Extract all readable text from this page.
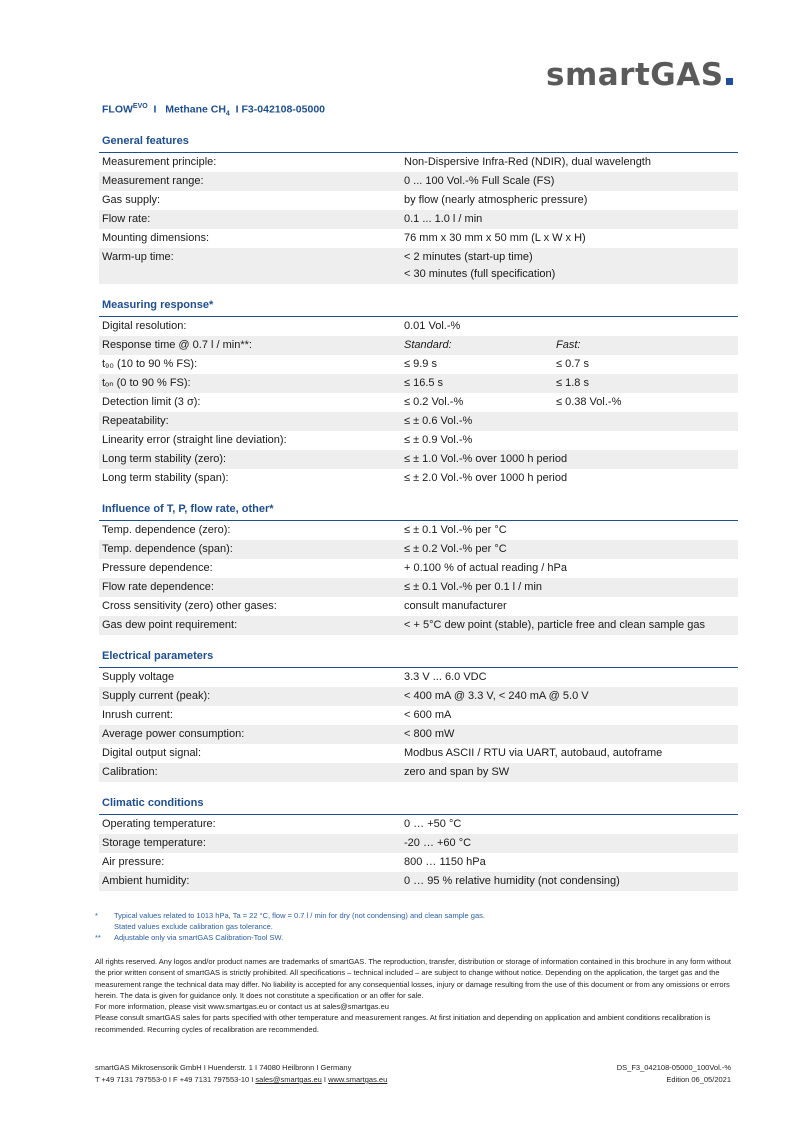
smartGAS
$FLOW^{EVO}$ I Methane $CH_4$ I F3-042108-05000
General features
Measurement principle:	Non-Dispersive Infra-Red (NDIR), dual wavelength
Measurement range:	0 ... 100 Vol.-% Full Scale (FS)
Gas supply:	by flow (nearly atmospheric pressure)
Flow rate:	0.1 ... 1.0 l / min
Mounting dimensions:	76 mm x 30 mm x 50 mm (L x W x H)
Warm-up time:	< 2 minutes (start-up time)
< 30 minutes (full specification)
Measuring response*
Digital resolution:	0.01 Vol.-%
Response time @ 0.7 l / min**:	Standard:	Fast:
t₉₀ (10 to 90 % FS):	≤ 9.9 s	≤ 0.7 s
tₒₙ (0 to 90 % FS):	≤ 16.5 s	≤ 1.8 s
Detection limit (3 σ):	≤ 0.2 Vol.-%	≤ 0.38 Vol.-%
Repeatability:	≤ ± 0.6 Vol.-%
Linearity error (straight line deviation):	≤ ± 0.9 Vol.-%
Long term stability (zero):	≤ ± 1.0 Vol.-% over 1000 h period
Long term stability (span):	≤ ± 2.0 Vol.-% over 1000 h period
Influence of T, P, flow rate, other*
Temp. dependence (zero):	≤ ± 0.1 Vol.-% per °C
Temp. dependence (span):	≤ ± 0.2 Vol.-% per °C
Pressure dependence:	+ 0.100 % of actual reading / hPa
Flow rate dependence:	≤ ± 0.1 Vol.-% per 0.1 l / min
Cross sensitivity (zero) other gases:	consult manufacturer
Gas dew point requirement:	< + 5°C dew point (stable), particle free and clean sample gas
Electrical parameters
Supply voltage	3.3 V ... 6.0 VDC
Supply current (peak):	< 400 mA @ 3.3 V, < 240 mA @ 5.0 V
Inrush current:	< 600 mA
Average power consumption:	< 800 mW
Digital output signal:	Modbus ASCII / RTU via UART, autobaud, autoframe
Calibration:	zero and span by SW
Climatic conditions
Operating temperature:	0 … +50 °C
Storage temperature:	-20 … +60 °C
Air pressure:	800 … 1150 hPa
Ambient humidity:	0 … 95 % relative humidity (not condensing)
*	Typical values related to 1013 hPa, Ta = 22 °C, flow = 0.7 l / min for dry (not condensing) and clean sample gas.
Stated values exclude calibration gas tolerance.
**	Adjustable only via smartGAS Calibration-Tool SW.

All rights reserved. Any logos and/or product names are trademarks of smartGAS. The reproduction, transfer, distribution or storage of information contained in this brochure in any form without the prior written consent of smartGAS is strictly prohibited. All specifications – technical included – are subject to change without notice. Depending on the application, the target gas and the measurement range the technical data may differ. No liability is accepted for any consequential losses, injury or damage resulting from the use of this document or from any omissions or errors herein. The data is given for guidance only. It does not constitute a specification or an offer for sale.

For more information, please visit www.smartgas.eu or contact us at sales@smartgas.eu

Please consult smartGAS sales for parts specified with other temperature and measurement ranges. At first initiation and depending on application and ambient conditions recalibration is recommended. Recurring cycles of recalibration are recommended.

smartGAS Mikrosensorik GmbH I Huenderstr. 1 I 74080 Heilbronn I Germany
T +49 7131 797553-0 I F +49 7131 797553-10 I sales@smartgas.eu I www.smartgas.eu
DS_F3_042108-05000_100Vol.-%
Edition 06_05/2021
